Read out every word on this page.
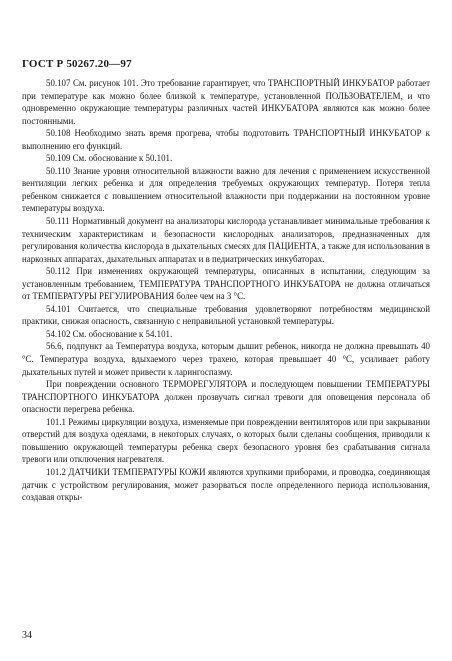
ГОСТ Р 50267.20—97

50.107 См. рисунок 101. Это требование гарантирует, что ТРАНСПОРТНЫЙ ИНКУБАТОР работает при температуре как можно более близкой к температуре, установленной ПОЛЬЗОВАТЕЛЕМ, и что одновременно окружающие температуры различных частей ИНКУБАТОРА являются как можно более постоянными.

50.108 Необходимо знать время прогрева, чтобы подготовить ТРАНСПОРТНЫЙ ИНКУБАТОР к выполнению его функций.

50.109 См. обоснование к 50.101.

50.110 Знание уровня относительной влажности важно для лечения с применением искусственной вентиляции легких ребенка и для определения требуемых окружающих температур. Потеря тепла ребенком снижается с повышением относительной влажности при поддержании на постоянном уровне температуры воздуха.

50.111 Нормативный документ на анализаторы кислорода устанавливает минимальные требования к техническим характеристикам и безопасности кислородных анализаторов, предназначенных для регулирования количества кислорода в дыхательных смесях для ПАЦИЕНТА, а также для использования в наркозных аппаратах, дыхательных аппаратах и в педиатрических инкубаторах.

50.112 При изменениях окружающей температуры, описанных в испытании, следующим за установленным требованием, ТЕМПЕРАТУРА ТРАНСПОРТНОГО ИНКУБАТОРА не должна отличаться от ТЕМПЕРАТУРЫ РЕГУЛИРОВАНИЯ более чем на 3 °С.

54.101 Считается, что специальные требования удовлетворяют потребностям медицинской практики, снижая опасность, связанную с неправильной установкой температуры.

54.102 См. обоснование к 54.101.

56.6, подпункт аа Температура воздуха, которым дышит ребенок, никогда не должна превышать 40 °С. Температура воздуха, вдыхаемого через трахею, которая превышает 40 °С, усиливает работу дыхательных путей и может привести к ларингоспазму.

При повреждении основного ТЕРМОРЕГУЛЯТОРА и последующем повышении ТЕМПЕРАТУРЫ ТРАНСПОРТНОГО ИНКУБАТОРА должен прозвучать сигнал тревоги для оповещения персонала об опасности перегрева ребенка.

101.1 Режимы циркуляции воздуха, изменяемые при повреждении вентиляторов или при закрывании отверстий для воздуха одеялами, в некоторых случаях, о которых были сделаны сообщения, приводили к повышению окружающей температуры ребенка сверх безопасного уровня без срабатывания сигнала тревоги или отключения нагревателя.

101.2 ДАТЧИКИ ТЕМПЕРАТУРЫ КОЖИ являются хрупкими приборами, и проводка, соединяющая датчик с устройством регулирования, может разорваться после определенного периода использования, создавая откры-

34
